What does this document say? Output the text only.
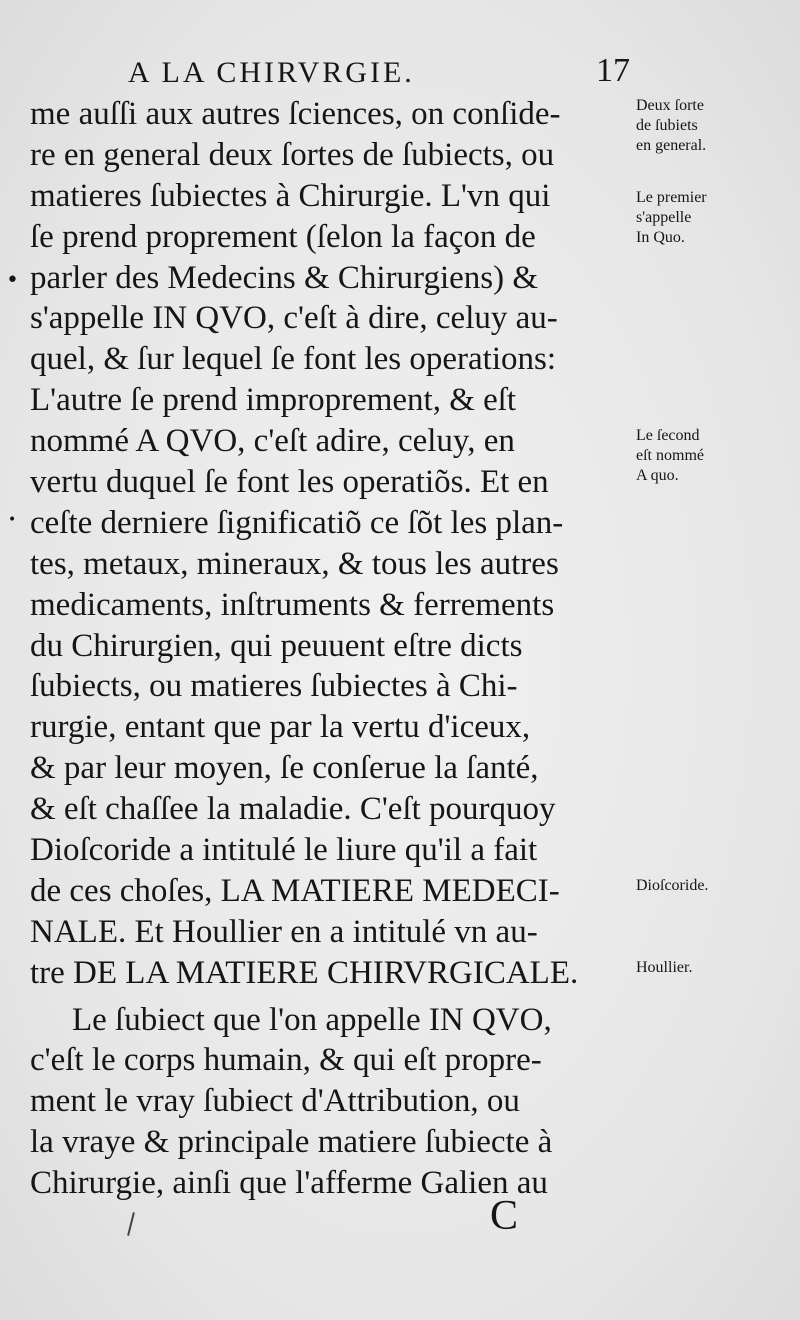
A LA CHIRVRGIE.	17
me auſſi aux autres ſciences, on conſide-
re en general deux ſortes de ſubiects, ou
matieres ſubiectes à Chirurgie. L'vn qui
ſe prend proprement (ſelon la façon de
parler des Medecins & Chirurgiens) &
s'appelle IN QVO, c'eſt à dire, celuy au-
quel, & ſur lequel ſe font les operations:
L'autre ſe prend improprement, & eſt
nommé A QVO, c'eſt adire, celuy, en
vertu duquel ſe font les operatiõs. Et en
ceſte derniere ſignificatiõ ce ſõt les plan-
tes, metaux, mineraux, & tous les autres
medicaments, inſtruments & ferrements
du Chirurgien, qui peuuent eſtre dicts
ſubiects, ou matieres ſubiectes à Chi-
rurgie, entant que par la vertu d'iceux,
& par leur moyen, ſe conſerue la ſanté,
& eſt chaſſee la maladie. C'eſt pourquoy
Dioſcoride a intitulé le liure qu'il a fait
de ces choſes, LA MATIERE MEDECI-
NALE. Et Houllier en a intitulé vn au-
tre DE LA MATIERE CHIRVRGICALE.
Le ſubiect que l'on appelle IN QVO,
c'eſt le corps humain, & qui eſt propre-
ment le vray ſubiect d'Attribution, ou
la vraye & principale matiere ſubiecte à
Chirurgie, ainſi que l'afferme Galien au
Deux ſorte
de ſubiets
en general.
Le premier
s'appelle
In Quo.
Le ſecond
eſt nommé
A quo.
Dioſcoride.
Houllier.
•
•
C
